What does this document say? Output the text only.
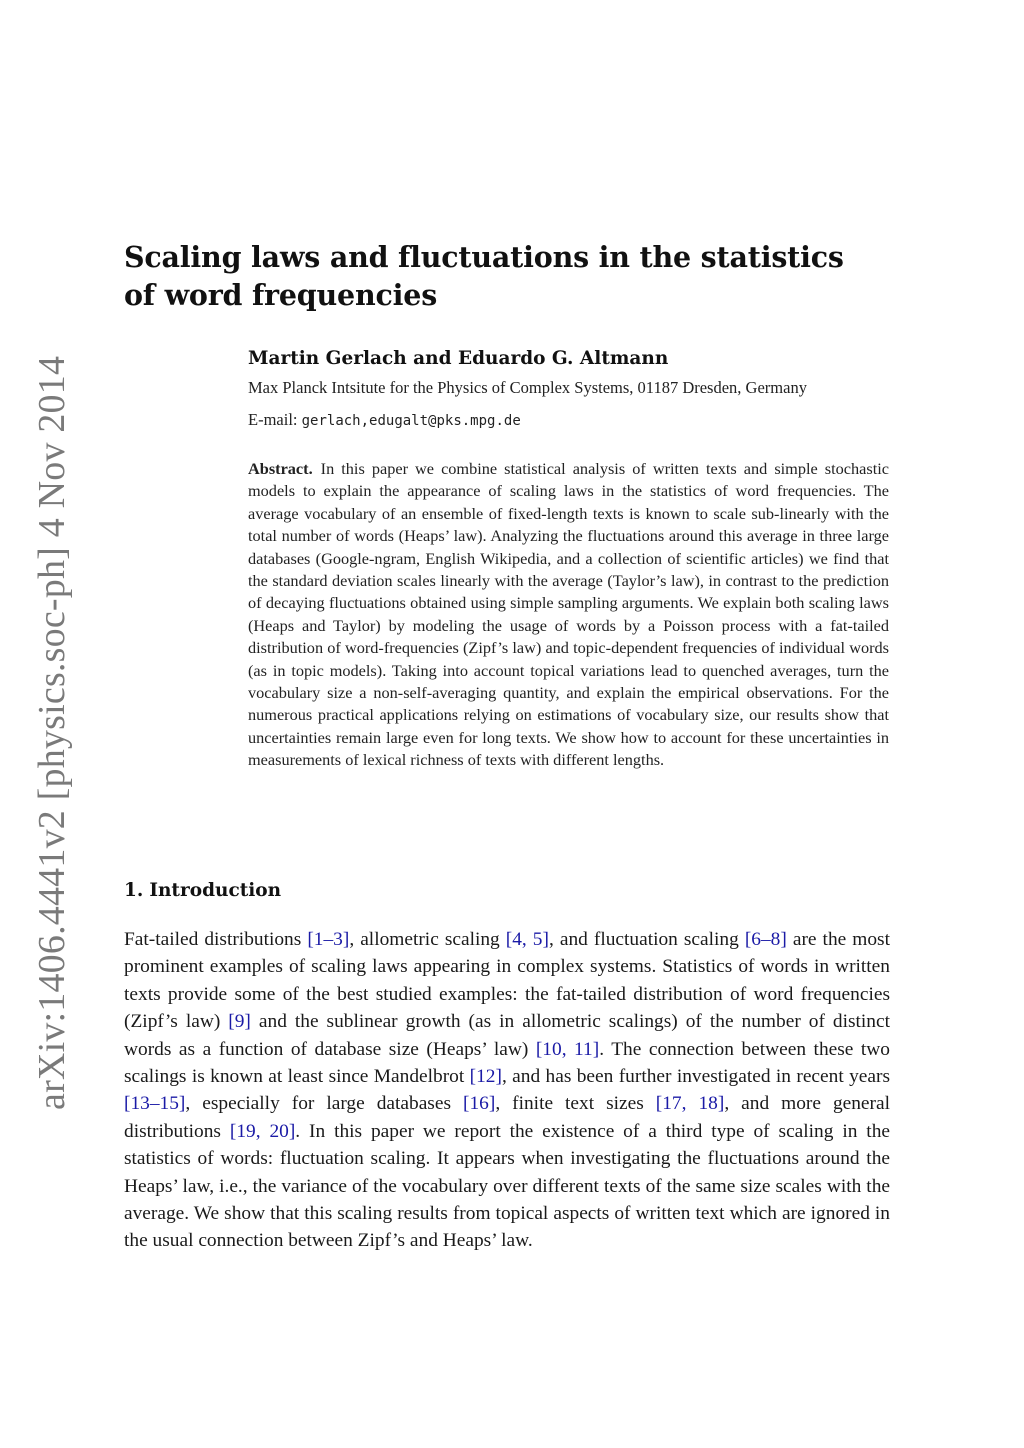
arXiv:1406.4441v2 [physics.soc-ph] 4 Nov 2014
Scaling laws and fluctuations in the statistics of word frequencies
Martin Gerlach and Eduardo G. Altmann
Max Planck Intsitute for the Physics of Complex Systems, 01187 Dresden, Germany
E-mail: gerlach,edugalt@pks.mpg.de

Abstract. In this paper we combine statistical analysis of written texts and simple stochastic models to explain the appearance of scaling laws in the statistics of word frequencies. The average vocabulary of an ensemble of fixed-length texts is known to scale sub-linearly with the total number of words (Heaps’ law). Analyzing the fluctuations around this average in three large databases (Google-ngram, English Wikipedia, and a collection of scientific articles) we find that the standard deviation scales linearly with the average (Taylor’s law), in contrast to the prediction of decaying fluctuations obtained using simple sampling arguments. We explain both scaling laws (Heaps and Taylor) by modeling the usage of words by a Poisson process with a fat-tailed distribution of word-frequencies (Zipf’s law) and topic-dependent frequencies of individual words (as in topic models). Taking into account topical variations lead to quenched averages, turn the vocabulary size a non-self-averaging quantity, and explain the empirical observations. For the numerous practical applications relying on estimations of vocabulary size, our results show that uncertainties remain large even for long texts. We show how to account for these uncertainties in measurements of lexical richness of texts with different lengths.

1. Introduction

Fat-tailed distributions [1–3], allometric scaling [4, 5], and fluctuation scaling [6–8] are the most prominent examples of scaling laws appearing in complex systems. Statistics of words in written texts provide some of the best studied examples: the fat-tailed distribution of word frequencies (Zipf’s law) [9] and the sublinear growth (as in allometric scalings) of the number of distinct words as a function of database size (Heaps’ law) [10, 11]. The connection between these two scalings is known at least since Mandelbrot [12], and has been further investigated in recent years [13–15], especially for large databases [16], finite text sizes [17, 18], and more general distributions [19, 20]. In this paper we report the existence of a third type of scaling in the statistics of words: fluctuation scaling. It appears when investigating the fluctuations around the Heaps’ law, i.e., the variance of the vocabulary over different texts of the same size scales with the average. We show that this scaling results from topical aspects of written text which are ignored in the usual connection between Zipf’s and Heaps’ law.
